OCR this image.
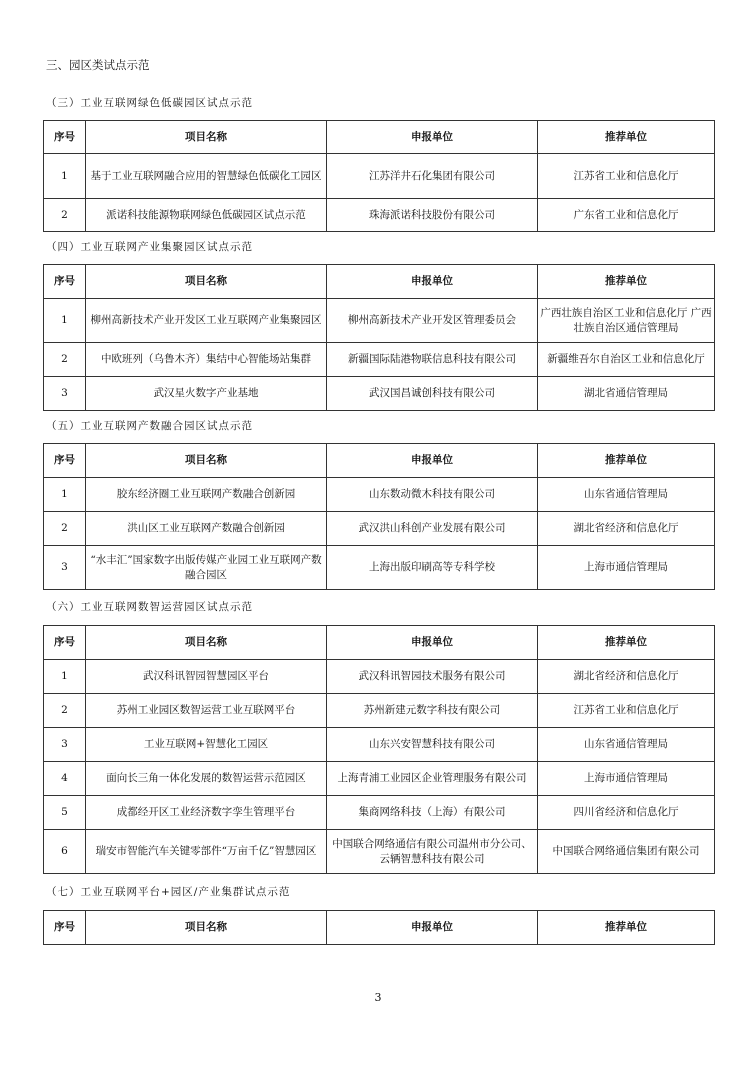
三、园区类试点示范
（三）工业互联网绿色低碳园区试点示范
序号	项目名称	申报单位	推荐单位
1	基于工业互联网融合应用的智慧绿色低碳化工园区	江苏洋井石化集团有限公司	江苏省工业和信息化厅
2	派诺科技能源物联网绿色低碳园区试点示范	珠海派诺科技股份有限公司	广东省工业和信息化厅
（四）工业互联网产业集聚园区试点示范
序号	项目名称	申报单位	推荐单位
1	柳州高新技术产业开发区工业互联网产业集聚园区	柳州高新技术产业开发区管理委员会	广西壮族自治区工业和信息化厅 广西壮族自治区通信管理局
2	中欧班列（乌鲁木齐）集结中心智能场站集群	新疆国际陆港物联信息科技有限公司	新疆维吾尔自治区工业和信息化厅
3	武汉星火数字产业基地	武汉国昌诚创科技有限公司	湖北省通信管理局
（五）工业互联网产数融合园区试点示范
序号	项目名称	申报单位	推荐单位
1	胶东经济圈工业互联网产数融合创新园	山东数动微木科技有限公司	山东省通信管理局
2	洪山区工业互联网产数融合创新园	武汉洪山科创产业发展有限公司	湖北省经济和信息化厅
3	“水丰汇”国家数字出版传媒产业园工业互联网产数融合园区	上海出版印刷高等专科学校	上海市通信管理局
（六）工业互联网数智运营园区试点示范
序号	项目名称	申报单位	推荐单位
1	武汉科讯智园智慧园区平台	武汉科讯智园技术服务有限公司	湖北省经济和信息化厅
2	苏州工业园区数智运营工业互联网平台	苏州新建元数字科技有限公司	江苏省工业和信息化厅
3	工业互联网+智慧化工园区	山东兴安智慧科技有限公司	山东省通信管理局
4	面向长三角一体化发展的数智运营示范园区	上海青浦工业园区企业管理服务有限公司	上海市通信管理局
5	成都经开区工业经济数字孪生管理平台	集商网络科技（上海）有限公司	四川省经济和信息化厅
6	瑞安市智能汽车关键零部件“万亩千亿”智慧园区	中国联合网络通信有限公司温州市分公司、云辆智慧科技有限公司	中国联合网络通信集团有限公司
（七）工业互联网平台+园区/产业集群试点示范
序号	项目名称	申报单位	推荐单位
3
